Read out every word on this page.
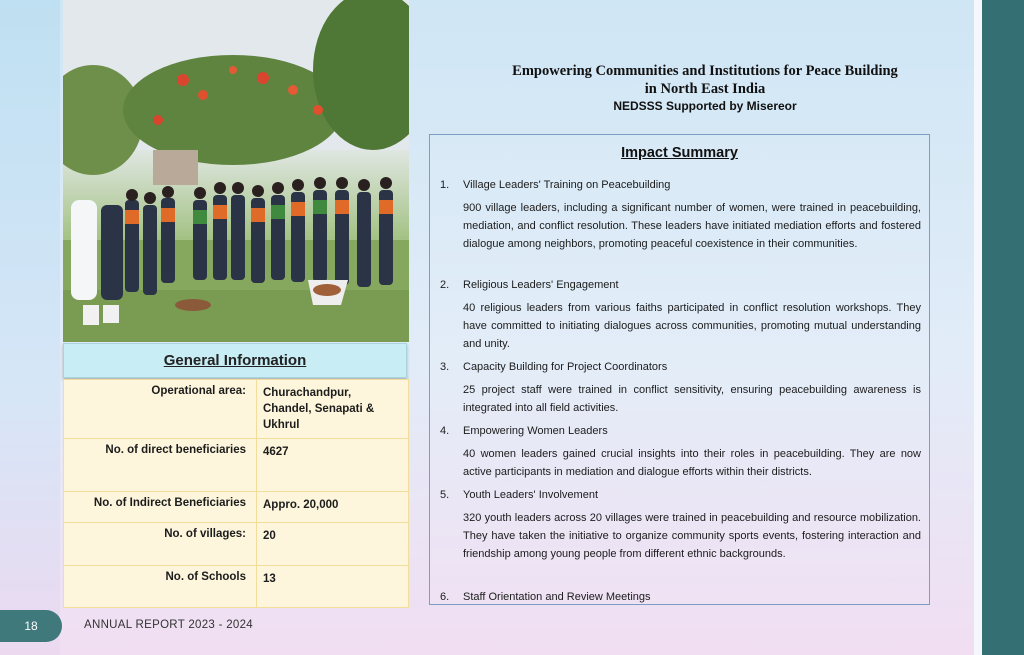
General Information
Operational area:	Churachandpur, Chandel, Senapati & Ukhrul
No. of direct beneficiaries	4627
No. of Indirect Beneficiaries	Appro. 20,000
No. of villages:	20
No. of Schools	13
Empowering Communities and Institutions for Peace Building
in North East India
NEDSSS Supported by Misereor
Impact Summary
1. Village Leaders' Training on Peacebuilding
900 village leaders, including a significant number of women, were trained in peacebuilding, mediation, and conflict resolution. These leaders have initiated mediation efforts and fostered dialogue among neighbors, promoting peaceful coexistence in their communities.
2. Religious Leaders' Engagement
40 religious leaders from various faiths participated in conflict resolution workshops. They have committed to initiating dialogues across communities, promoting mutual understanding and unity.
3. Capacity Building for Project Coordinators
25 project staff were trained in conflict sensitivity, ensuring peacebuilding awareness is integrated into all field activities.
4. Empowering Women Leaders
40 women leaders gained crucial insights into their roles in peacebuilding. They are now active participants in mediation and dialogue efforts within their districts.
5. Youth Leaders' Involvement
320 youth leaders across 20 villages were trained in peacebuilding and resource mobilization. They have taken the initiative to organize community sports events, fostering interaction and friendship among young people from different ethnic backgrounds.
6. Staff Orientation and Review Meetings
18	ANNUAL REPORT 2023 - 2024
